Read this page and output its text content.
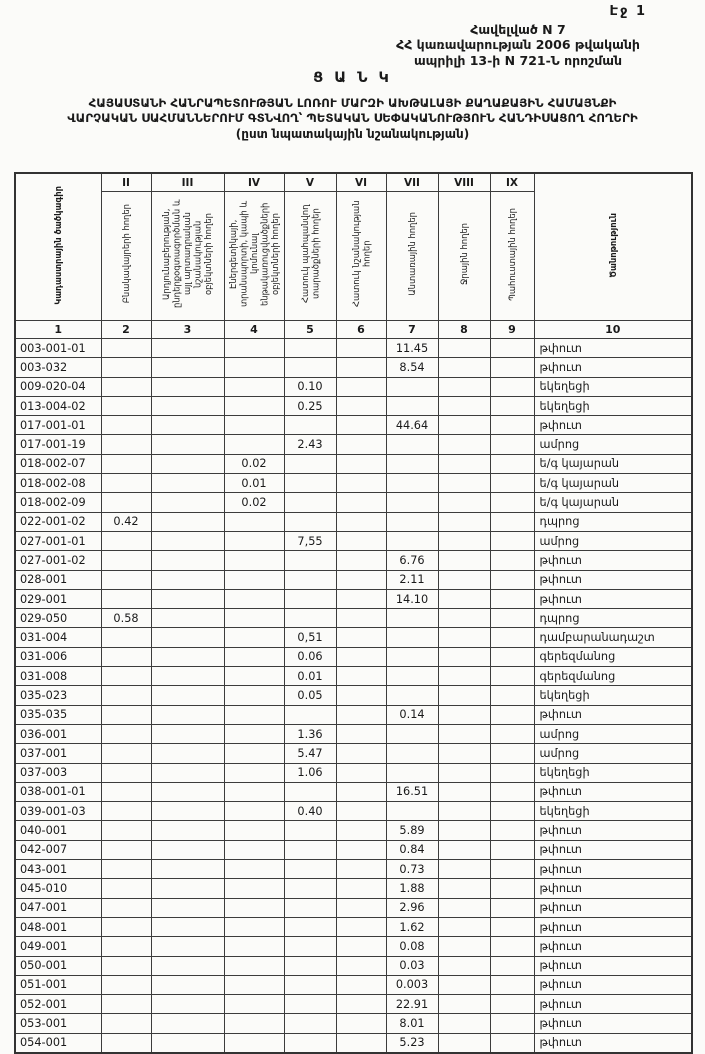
Էջ 1
Հավելված N 7
ՀՀ կառավարության 2006 թվականի
ապրիլի 13-ի N 721-Ն որոշման
Ց Ա Ն Կ
ՀԱՅԱՍՏԱՆԻ ՀԱՆՐԱՊԵՏՈՒԹՅԱՆ ԼՈՌՈՒ ՄԱՐԶԻ ԱԽԹԱԼԱՅԻ ՔԱՂԱՔԱՅԻՆ ՀԱՄԱՅՆՔԻ
ՎԱՐՉԱԿԱՆ ՍԱՀՄԱՆՆԵՐՈՒՄ ԳՏՆՎՈՂ՝ ՊԵՏԱԿԱՆ ՍԵՓԱԿԱՆՈՒԹՅՈՒՆ ՀԱՆԴԻՍԱՑՈՂ ՀՈՂԵՐԻ
(ըստ նպատակային նշանակության)
Կադաստրային ծածկագիր	II	III	IV	V	VI	VII	VIII	IX	Ծանոթություն
	Բնակավայրերի հողեր	Արդյունաբերության, ընդերքօգտագործման և այլ արտադրական նշանակության օբյեկտների հողեր	Էներգետիկայի, տրանսպորտի, կապի և կոմունալ ենթակառուցվածքների օբյեկտների հողեր	Հատուկ պահպանվող տարածքների հողեր	Հատուկ նշանակության հողեր	Անտառային հողեր	Ջրային հողեր	Պահուստային հողեր	
1	2	3	4	5	6	7	8	9	10
003-001-01						11.45			թփուտ
003-032						8.54			թփուտ
009-020-04				0.10					եկեղեցի
013-004-02				0.25					եկեղեցի
017-001-01						44.64			թփուտ
017-001-19				2.43					ամրոց
018-002-07			0.02						ե/գ կայարան
018-002-08			0.01						ե/գ կայարան
018-002-09			0.02						ե/գ կայարան
022-001-02	0.42								դպրոց
027-001-01				7,55					ամրոց
027-001-02						6.76			թփուտ
028-001						2.11			թփուտ
029-001						14.10			թփուտ
029-050	0.58								դպրոց
031-004				0,51					դամբարանադաշտ
031-006				0.06					գերեզմանոց
031-008				0.01					գերեզմանոց
035-023				0.05					եկեղեցի
035-035						0.14			թփուտ
036-001				1.36					ամրոց
037-001				5.47					ամրոց
037-003				1.06					եկեղեցի
038-001-01						16.51			թփուտ
039-001-03				0.40					եկեղեցի
040-001						5.89			թփուտ
042-007						0.84			թփուտ
043-001						0.73			թփուտ
045-010						1.88			թփուտ
047-001						2.96			թփուտ
048-001						1.62			թփուտ
049-001						0.08			թփուտ
050-001						0.03			թփուտ
051-001						0.003			թփուտ
052-001						22.91			թփուտ
053-001						8.01			թփուտ
054-001						5.23			թփուտ
